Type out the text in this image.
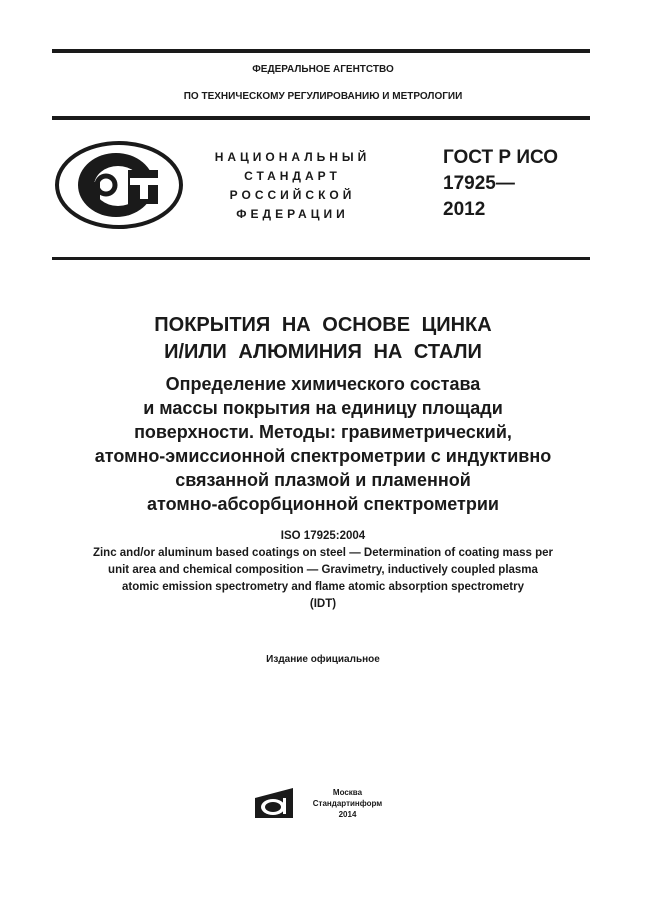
ФЕДЕРАЛЬНОЕ АГЕНТСТВО
ПО ТЕХНИЧЕСКОМУ РЕГУЛИРОВАНИЮ И МЕТРОЛОГИИ
НАЦИОНАЛЬНЫЙ
СТАНДАРТ
РОССИЙСКОЙ
ФЕДЕРАЦИИ
ГОСТ Р ИСО
17925—
2012
ПОКРЫТИЯ НА ОСНОВЕ ЦИНКА
И/ИЛИ АЛЮМИНИЯ НА СТАЛИ
Определение химического состава
и массы покрытия на единицу площади
поверхности. Методы: гравиметрический,
атомно-эмиссионной спектрометрии с индуктивно
связанной плазмой и пламенной
атомно-абсорбционной спектрометрии
ISO 17925:2004
Zinc and/or aluminum based coatings on steel — Determination of coating mass per
unit area and chemical composition — Gravimetry, inductively coupled plasma
atomic emission spectrometry and flame atomic absorption spectrometry
(IDT)
Издание официальное
Москва
Стандартинформ
2014
